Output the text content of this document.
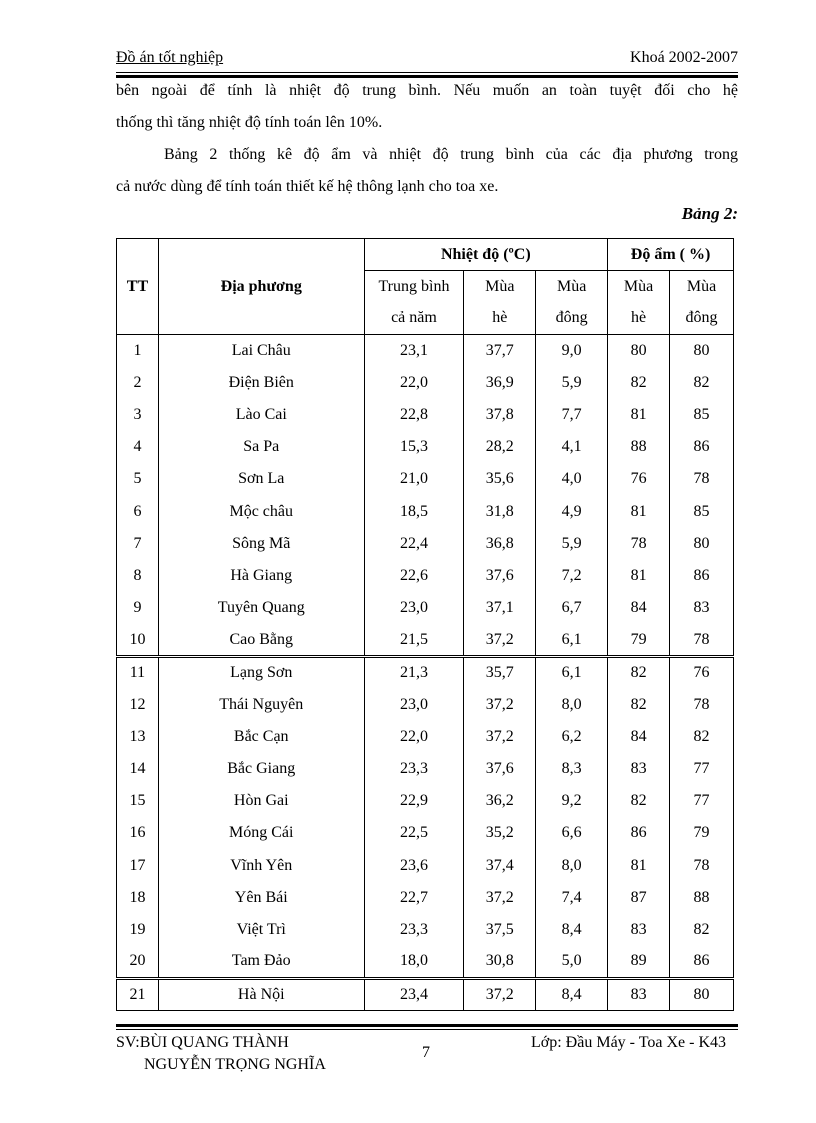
Đồ án tốt nghiệp	Khoá 2002-2007
bên ngoài để tính là nhiệt độ trung bình. Nếu muốn an toàn tuyệt đối cho hệ
thống thì tăng nhiệt độ tính toán lên 10%.
Bảng 2 thống kê độ ẩm và nhiệt độ trung bình của các địa phương trong
cả nước dùng để tính toán thiết kế hệ thông lạnh cho toa xe.
Bảng 2:
TT	Địa phương	Nhiệt độ (ºC)			Độ ẩm ( %)	
		Trung bình	Mùa	Mùa	Mùa	Mùa
		cả năm	hè	đông	hè	đông
1	Lai Châu	23,1	37,7	9,0	80	80
2	Điện Biên	22,0	36,9	5,9	82	82
3	Lào Cai	22,8	37,8	7,7	81	85
4	Sa Pa	15,3	28,2	4,1	88	86
5	Sơn La	21,0	35,6	4,0	76	78
6	Mộc châu	18,5	31,8	4,9	81	85
7	Sông Mã	22,4	36,8	5,9	78	80
8	Hà Giang	22,6	37,6	7,2	81	86
9	Tuyên Quang	23,0	37,1	6,7	84	83
10	Cao Bằng	21,5	37,2	6,1	79	78
11	Lạng Sơn	21,3	35,7	6,1	82	76
12	Thái Nguyên	23,0	37,2	8,0	82	78
13	Bắc Cạn	22,0	37,2	6,2	84	82
14	Bắc Giang	23,3	37,6	8,3	83	77
15	Hòn Gai	22,9	36,2	9,2	82	77
16	Móng Cái	22,5	35,2	6,6	86	79
17	Vĩnh Yên	23,6	37,4	8,0	81	78
18	Yên Bái	22,7	37,2	7,4	87	88
19	Việt Trì	23,3	37,5	8,4	83	82
20	Tam Đảo	18,0	30,8	5,0	89	86
21	Hà Nội	23,4	37,2	8,4	83	80
SV:BÙI QUANG THÀNH
NGUYỄN TRỌNG NGHĨA
7
Lớp: Đầu Máy - Toa Xe - K43
